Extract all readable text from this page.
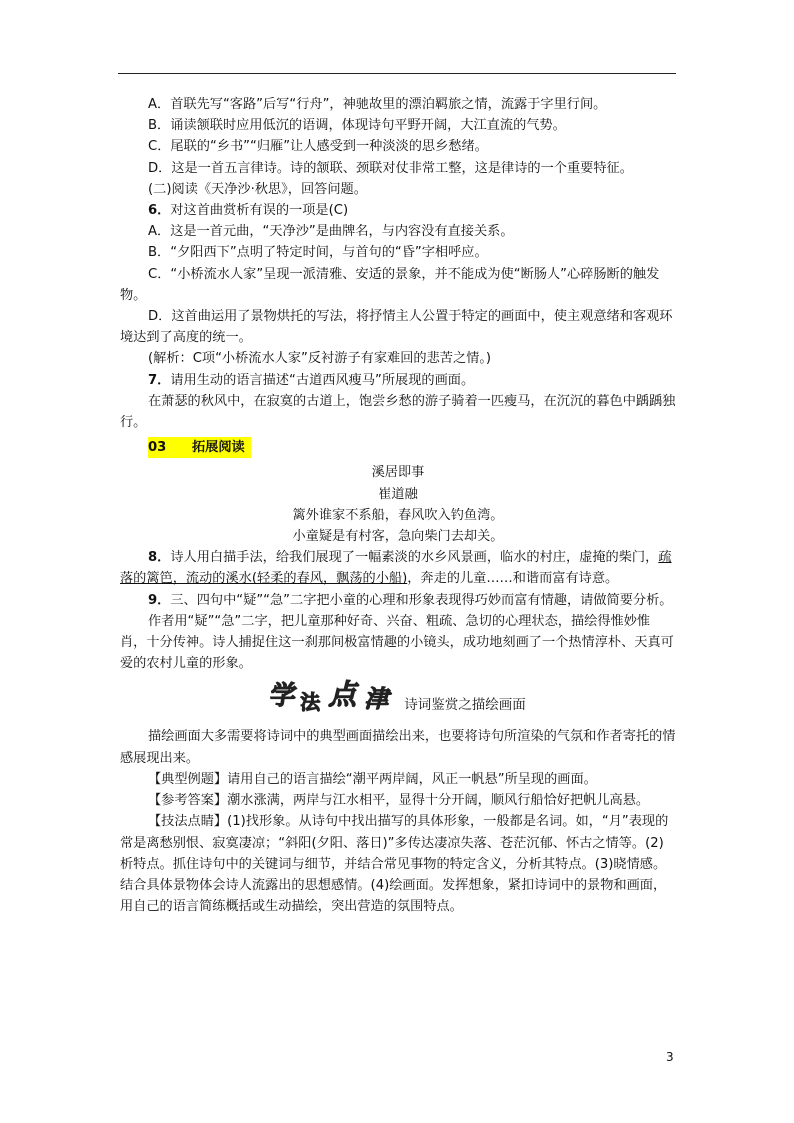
A．首联先写“客路”后写“行舟”，神驰故里的漂泊羁旅之情，流露于字里行间。

B．诵读颔联时应用低沉的语调，体现诗句平野开阔，大江直流的气势。

C．尾联的“乡书”“归雁”让人感受到一种淡淡的思乡愁绪。

D．这是一首五言律诗。诗的颔联、颈联对仗非常工整，这是律诗的一个重要特征。

(二)阅读《天净沙·秋思》，回答问题。

6．对这首曲赏析有误的一项是(C)

A．这是一首元曲，“天净沙”是曲牌名，与内容没有直接关系。

B．“夕阳西下”点明了特定时间，与首句的“昏”字相呼应。

C．“小桥流水人家”呈现一派清雅、安适的景象，并不能成为使“断肠人”心碎肠断的触发物。

D．这首曲运用了景物烘托的写法，将抒情主人公置于特定的画面中，使主观意绪和客观环境达到了高度的统一。

(解析：C项“小桥流水人家”反衬游子有家难回的悲苦之情。)

7．请用生动的语言描述“古道西风瘦马”所展现的画面。

在萧瑟的秋风中，在寂寞的古道上，饱尝乡愁的游子骑着一匹瘦马，在沉沉的暮色中踽踽独行。

03 拓展阅读

溪居即事

崔道融

篱外谁家不系船，春风吹入钓鱼湾。

小童疑是有村客，急向柴门去却关。

8．诗人用白描手法，给我们展现了一幅素淡的水乡风景画，临水的村庄，虚掩的柴门，疏落的篱笆，流动的溪水(轻柔的春风，飘荡的小船)，奔走的儿童……和谐而富有诗意。

9．三、四句中“疑”“急”二字把小童的心理和形象表现得巧妙而富有情趣，请做简要分析。

作者用“疑”“急”二字，把儿童那种好奇、兴奋、粗疏、急切的心理状态，描绘得惟妙惟肖，十分传神。诗人捕捉住这一刹那间极富情趣的小镜头，成功地刻画了一个热情淳朴、天真可爱的农村儿童的形象。

学 法 点 津 诗词鉴赏之描绘画面

描绘画面大多需要将诗词中的典型画面描绘出来，也要将诗句所渲染的气氛和作者寄托的情感展现出来。

【典型例题】请用自己的语言描绘“潮平两岸阔，风正一帆悬”所呈现的画面。

【参考答案】潮水涨满，两岸与江水相平，显得十分开阔，顺风行船恰好把帆儿高悬。

【技法点睛】(1)找形象。从诗句中找出描写的具体形象，一般都是名词。如，“月”表现的常是离愁别恨、寂寞凄凉；“斜阳(夕阳、落日)”多传达凄凉失落、苍茫沉郁、怀古之情等。(2)析特点。抓住诗句中的关键词与细节，并结合常见事物的特定含义，分析其特点。(3)晓情感。结合具体景物体会诗人流露出的思想感情。(4)绘画面。发挥想象，紧扣诗词中的景物和画面，用自己的语言简练概括或生动描绘，突出营造的氛围特点。

3
